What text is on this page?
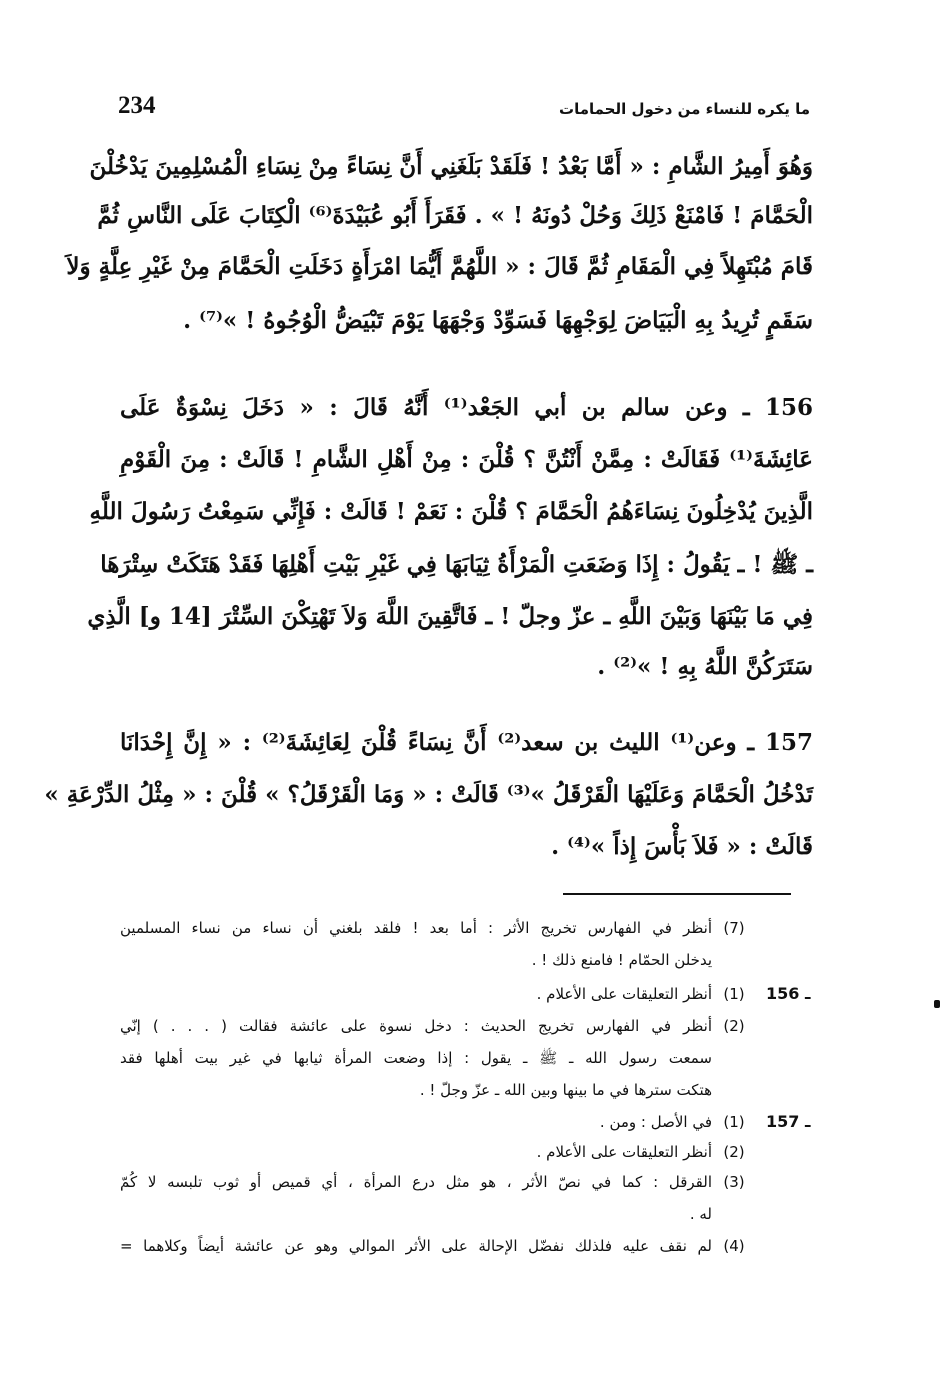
234	ما يكره للنساء من دخول الحمامات
وَهُوَ أَمِيرُ الشَّامِ : « أَمَّا بَعْدُ ! فَلَقَدْ بَلَغَنِي أَنَّ نِسَاءً مِنْ نِسَاءِ الْمُسْلِمِينَ يَدْخُلْنَ
الْحَمَّامَ ! فَامْنَعْ ذَلِكَ وَحُلْ دُونَهُ ! » . فَقَرَأَ أَبُو عُبَيْدَةَ⁽⁶⁾ الْكِتَابَ عَلَى النَّاسِ ثُمَّ
قَامَ مُبْتَهِلاً فِي الْمَقَامِ ثُمَّ قَالَ : « اللَّهُمَّ أَيُّمَا امْرَأَةٍ دَخَلَتِ الْحَمَّامَ مِنْ غَيْرِ عِلَّةٍ وَلاَ
سَقَمٍ تُرِيدُ بِهِ الْبَيَاضَ لِوَجْهِهَا فَسَوِّدْ وَجْهَهَا يَوْمَ تَبْيَضُّ الْوُجُوهُ ! »⁽⁷⁾ .
156 ـ وعن سالم بن أبي الجَعْد⁽¹⁾ أَنَّهُ قَالَ : « دَخَلَ نِسْوَةٌ عَلَى
عَائِشَةَ⁽¹⁾ فَقَالَتْ : مِمَّنْ أَنْتُنَّ ؟ قُلْنَ : مِنْ أَهْلِ الشَّامِ ! قَالَتْ : مِنَ الْقَوْمِ
الَّذِينَ يُدْخِلُونَ نِسَاءَهُمُ الْحَمَّامَ ؟ قُلْنَ : نَعَمْ ! قَالَتْ : فَإِنِّي سَمِعْتُ رَسُولَ اللَّهِ
ـ ﷺ ! ـ يَقُولُ : إِذَا وَضَعَتِ الْمَرْأَةُ ثِيَابَهَا فِي غَيْرِ بَيْتِ أَهْلِهَا فَقَدْ هَتَكَتْ سِتْرَهَا
فِي مَا بَيْنَهَا وَبَيْنَ اللَّهِ ـ عزّ وجلّ ! ـ فَاتَّقِينَ اللَّهَ وَلاَ تَهْتِكْنَ السِّتْرَ [14 و] الَّذِي
سَتَرَكُنَّ اللَّهُ بِهِ ! »⁽²⁾ .
157 ـ وعن⁽¹⁾ الليث بن سعد⁽²⁾ أَنَّ نِسَاءً قُلْنَ لِعَائِشَةَ⁽²⁾ : « إِنَّ إِحْدَانَا
تَدْخُلُ الْحَمَّامَ وَعَلَيْهَا الْقَرْقَلُ »⁽³⁾ قَالَتْ : « وَمَا الْقَرْقَلُ؟ » قُلْنَ : « مِثْلُ الدِّرْعَةِ »
قَالَتْ : « فَلاَ بَأْسَ إِذاً »⁽⁴⁾ .
(7)
أنظر في الفهارس تخريج الأثر : أما بعد ! فلقد بلغني أن نساء من نساء المسلمين
يدخلن الحمّام ! فامنع ذلك ! .
156 ـ
(1)
أنظر التعليقات على الأعلام .
(2)
أنظر في الفهارس تخريج الحديث : دخل نسوة على عائشة فقالت ( . . . ) إنّي
سمعت رسول الله ـ ﷺ ـ يقول : إذا وضعت المرأة ثيابها في غير بيت أهلها فقد
هتكت سترها في ما بينها وبين الله ـ عزّ وجلّ ! .
157 ـ
(1)
في الأصل : ومن .
(2)
أنظر التعليقات على الأعلام .
(3)
القرقل : كما في نصّ الأثر ، هو مثل درع المرأة ، أي قميص أو ثوب تلبسه لا كُمّ
له .
(4)
لم نقف عليه فلذلك نفضّل الإحالة على الأثر الموالي وهو عن عائشة أيضاً وكلاهما =
